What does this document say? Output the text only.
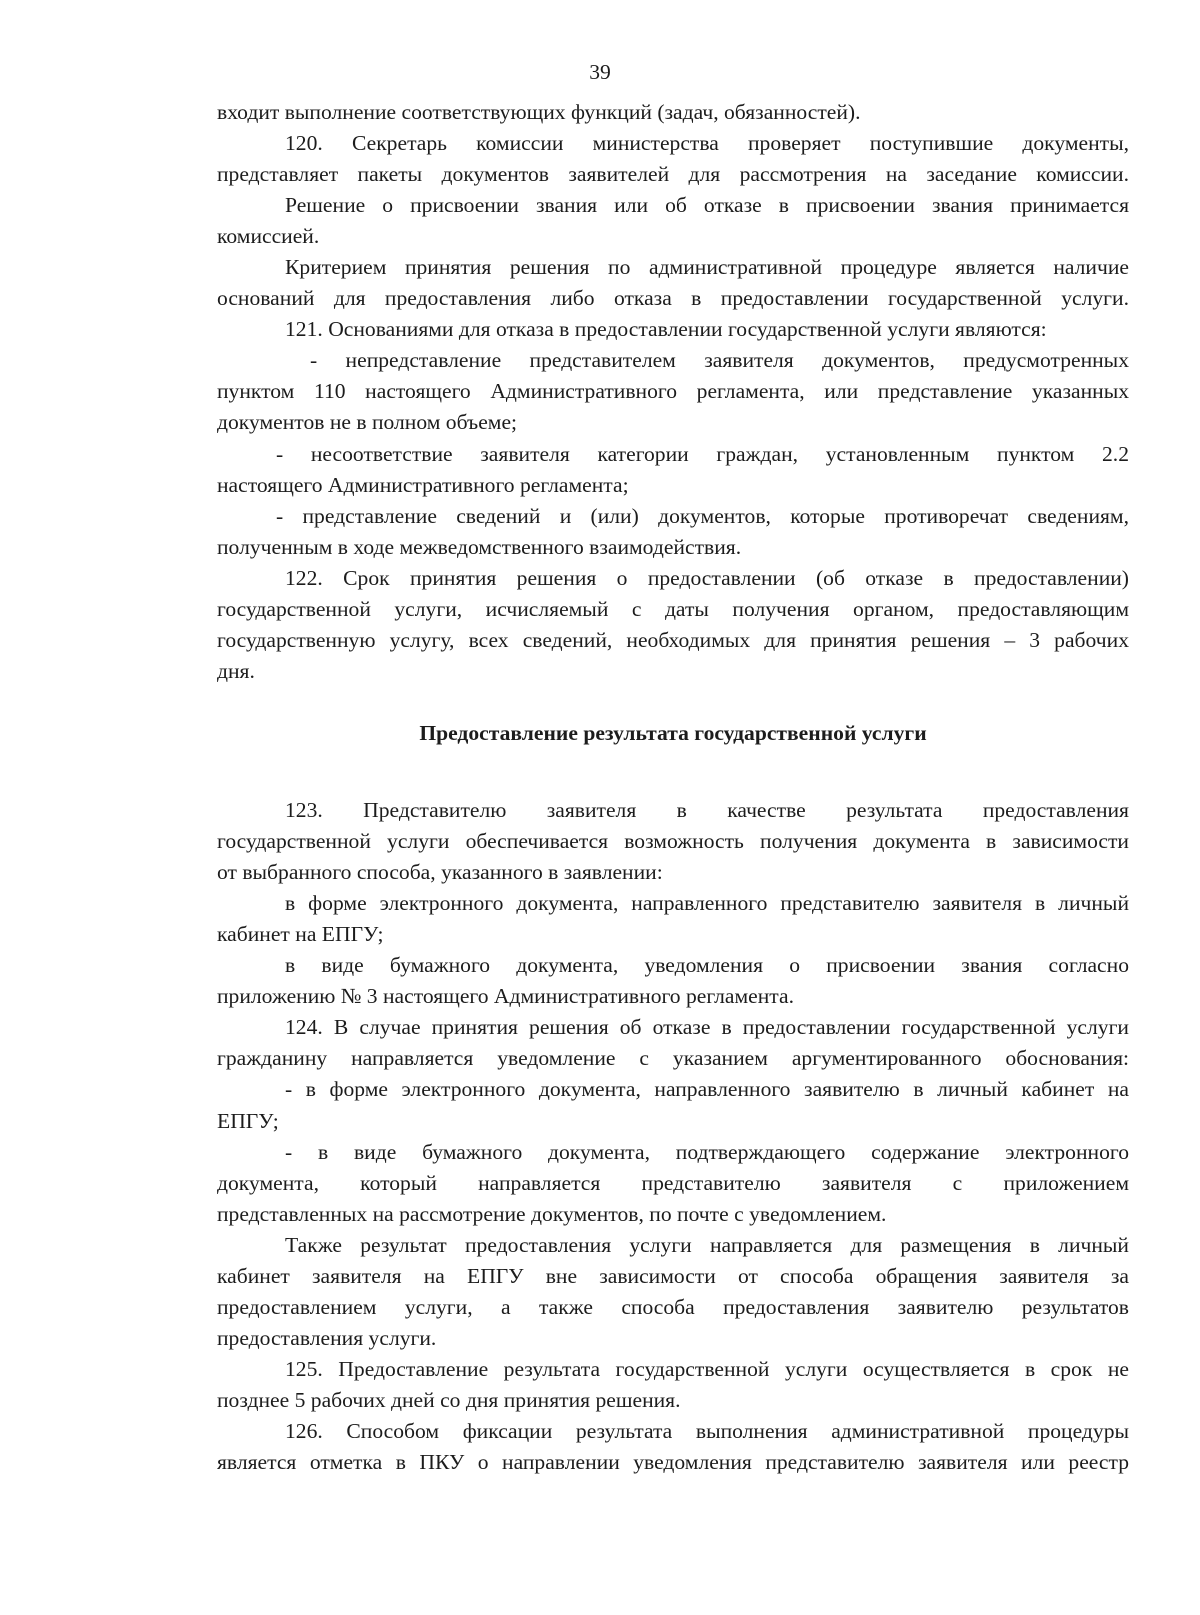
39
входит выполнение соответствующих функций (задач, обязанностей).
120. Секретарь комиссии министерства проверяет поступившие документы,
представляет пакеты документов заявителей для рассмотрения на заседание комиссии.
Решение о присвоении звания или об отказе в присвоении звания принимается
комиссией.
Критерием принятия решения по административной процедуре является наличие
оснований для предоставления либо отказа в предоставлении государственной услуги.
121. Основаниями для отказа в предоставлении государственной услуги являются:
- непредставление представителем заявителя документов, предусмотренных
пунктом 110 настоящего Административного регламента, или представление указанных
документов не в полном объеме;
- несоответствие заявителя категории граждан, установленным пунктом 2.2
настоящего Административного регламента;
- представление сведений и (или) документов, которые противоречат сведениям,
полученным в ходе межведомственного взаимодействия.
122. Срок принятия решения о предоставлении (об отказе в предоставлении)
государственной услуги, исчисляемый с даты получения органом, предоставляющим
государственную услугу, всех сведений, необходимых для принятия решения – 3 рабочих
дня.
Предоставление результата государственной услуги
123. Представителю заявителя в качестве результата предоставления
государственной услуги обеспечивается возможность получения документа в зависимости
от выбранного способа, указанного в заявлении:
в форме электронного документа, направленного представителю заявителя в личный
кабинет на ЕПГУ;
в виде бумажного документа, уведомления о присвоении звания согласно
приложению № 3 настоящего Административного регламента.
124. В случае принятия решения об отказе в предоставлении государственной услуги
гражданину направляется уведомление с указанием аргументированного обоснования:
- в форме электронного документа, направленного заявителю в личный кабинет на
ЕПГУ;
- в виде бумажного документа, подтверждающего содержание электронного
документа, который направляется представителю заявителя с приложением
представленных на рассмотрение документов, по почте с уведомлением.
Также результат предоставления услуги направляется для размещения в личный
кабинет заявителя на ЕПГУ вне зависимости от способа обращения заявителя за
предоставлением услуги, а также способа предоставления заявителю результатов
предоставления услуги.
125. Предоставление результата государственной услуги осуществляется в срок не
позднее 5 рабочих дней со дня принятия решения.
126. Способом фиксации результата выполнения административной процедуры
является отметка в ПКУ о направлении уведомления представителю заявителя или реестр
